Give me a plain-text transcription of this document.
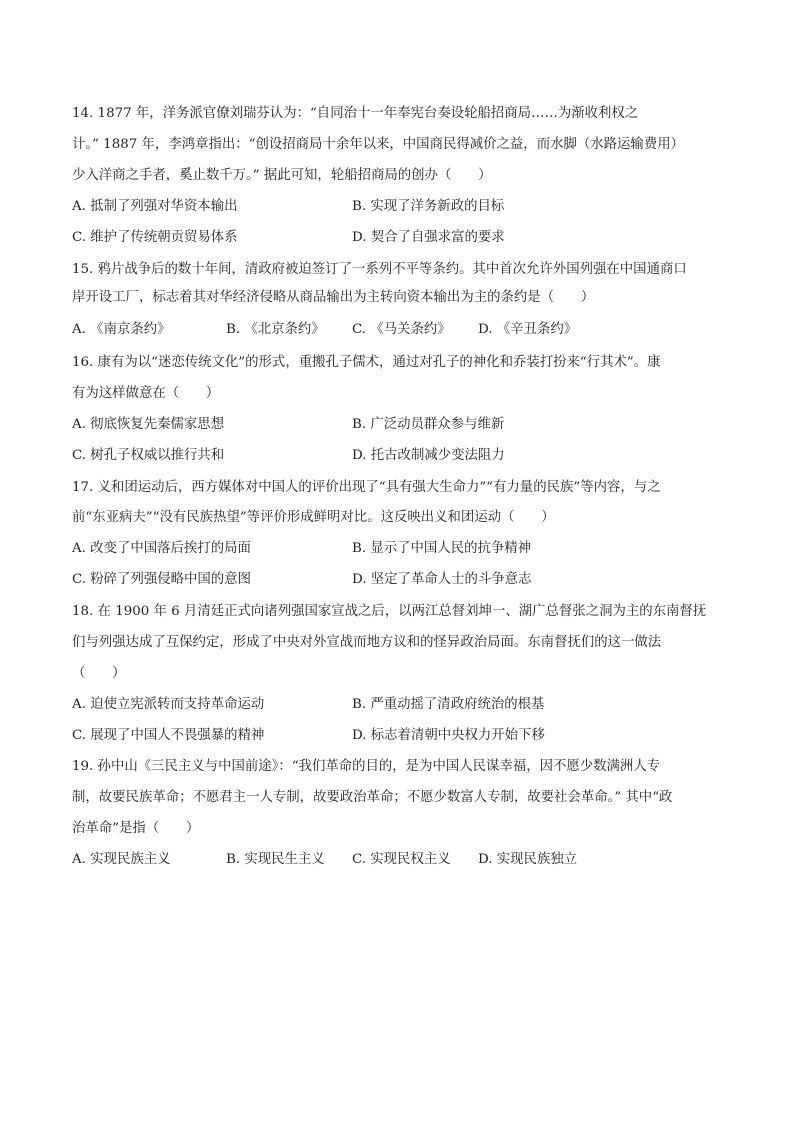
14. 1877 年，洋务派官僚刘瑞芬认为：“自同治十一年奉宪台奏设轮船招商局……为渐收利权之
计。” 1887 年，李鸿章指出：“创设招商局十余年以来，中国商民得减价之益，而水脚（水路运输费用）
少入洋商之手者，奚止数千万。” 据此可知，轮船招商局的创办（　　）
A. 抵制了列强对华资本输出	B. 实现了洋务新政的目标
C. 维护了传统朝贡贸易体系	D. 契合了自强求富的要求
15. 鸦片战争后的数十年间，清政府被迫签订了一系列不平等条约。其中首次允许外国列强在中国通商口
岸开设工厂，标志着其对华经济侵略从商品输出为主转向资本输出为主的条约是（　　）
A. 《南京条约》	B. 《北京条约》 C. 《马关条约》 D. 《辛丑条约》
16. 康有为以“迷恋传统文化”的形式，重搬孔子儒术，通过对孔子的神化和乔装打扮来“行其术”。康
有为这样做意在（　　）
A. 彻底恢复先秦儒家思想	B. 广泛动员群众参与维新
C. 树孔子权威以推行共和	D. 托古改制减少变法阻力
17. 义和团运动后，西方媒体对中国人的评价出现了“具有强大生命力”“有力量的民族”等内容，与之
前“东亚病夫”“没有民族热望”等评价形成鲜明对比。这反映出义和团运动（　　）
A. 改变了中国落后挨打的局面	B. 显示了中国人民的抗争精神
C. 粉碎了列强侵略中国的意图	D. 坚定了革命人士的斗争意志
18. 在 1900 年 6 月清廷正式向诸列强国家宣战之后，以两江总督刘坤一、湖广总督张之洞为主的东南督抚
们与列强达成了互保约定，形成了中央对外宣战而地方议和的怪异政治局面。东南督抚们的这一做法
（　　）
A. 迫使立宪派转而支持革命运动	B. 严重动摇了清政府统治的根基
C. 展现了中国人不畏强暴的精神	D. 标志着清朝中央权力开始下移
19. 孙中山《三民主义与中国前途》：“我们革命的目的，是为中国人民谋幸福，因不愿少数满洲人专
制，故要民族革命；不愿君主一人专制，故要政治革命；不愿少数富人专制，故要社会革命。” 其中“政
治革命”是指（　　）
A. 实现民族主义	B. 实现民生主义 C. 实现民权主义 D. 实现民族独立
